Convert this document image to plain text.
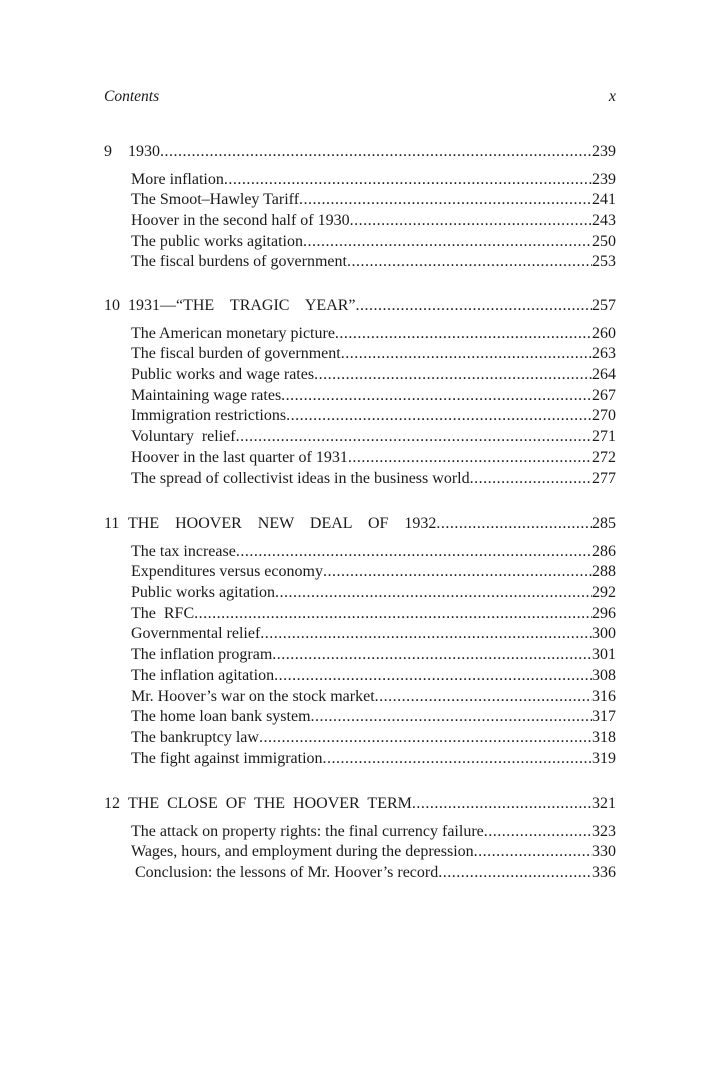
Contents	x
9 1930 .....	239
More inflation .....	239
The Smoot–Hawley Tariff .....	241
Hoover in the second half of 1930 .....	243
The public works agitation .....	250
The fiscal burdens of government .....	253
10 1931—“THE  TRAGIC  YEAR” .....	257
The American monetary picture .....	260
The fiscal burden of government .....	263
Public works and wage rates .....	264
Maintaining wage rates .....	267
Immigration restrictions .....	270
Voluntary  relief .....	271
Hoover in the last quarter of 1931 .....	272
The spread of collectivist ideas in the business world .....	277
11 THE  HOOVER  NEW  DEAL  OF  1932 .....	285
The tax increase .....	286
Expenditures versus economy .....	288
Public works agitation .....	292
The  RFC .....	296
Governmental relief .....	300
The inflation program .....	301
The inflation agitation .....	308
Mr. Hoover’s war on the stock market .....	316
The home loan bank system .....	317
The bankruptcy law .....	318
The fight against immigration .....	319
12 THE CLOSE OF THE HOOVER TERM .....	321
The attack on property rights: the final currency failure .....	323
Wages, hours, and employment during the depression .....	330
Conclusion: the lessons of Mr. Hoover’s record .....	336
